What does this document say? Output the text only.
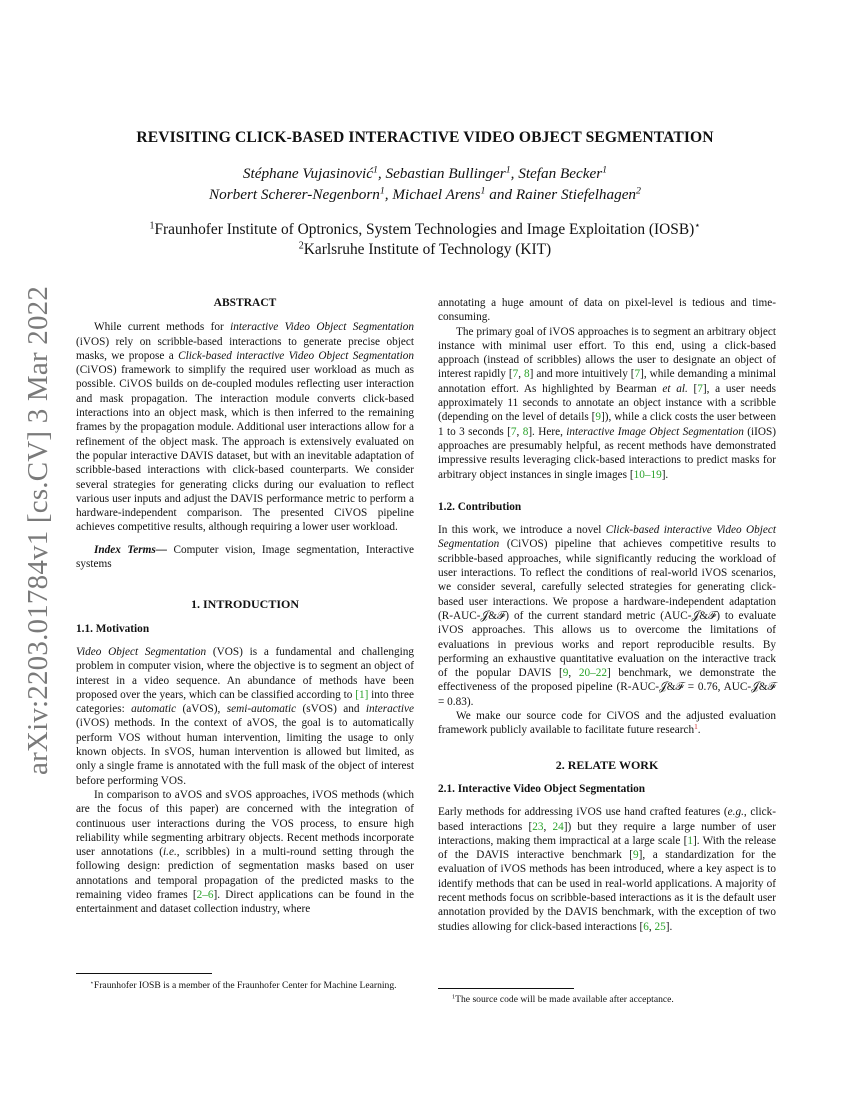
arXiv:2203.01784v1 [cs.CV] 3 Mar 2022
REVISITING CLICK-BASED INTERACTIVE VIDEO OBJECT SEGMENTATION
Stéphane Vujasinović$^1$, Sebastian Bullinger$^1$, Stefan Becker$^1$
Norbert Scherer-Negenborn$^1$, Michael Arens$^1$ and Rainer Stiefelhagen$^2$
$^1$Fraunhofer Institute of Optronics, System Technologies and Image Exploitation (IOSB)⋆
$^2$Karlsruhe Institute of Technology (KIT)
ABSTRACT

While current methods for interactive Video Object Segmentation (iVOS) rely on scribble-based interactions to generate precise object masks, we propose a Click-based interactive Video Object Segmentation (CiVOS) framework to simplify the required user workload as much as possible. CiVOS builds on de-coupled modules reflecting user interaction and mask propagation. The interaction module converts click-based interactions into an object mask, which is then inferred to the remaining frames by the propagation module. Additional user interactions allow for a refinement of the object mask. The approach is extensively evaluated on the popular interactive DAVIS dataset, but with an inevitable adaptation of scribble-based interactions with click-based counterparts. We consider several strategies for generating clicks during our evaluation to reflect various user inputs and adjust the DAVIS performance metric to perform a hardware-independent comparison. The presented CiVOS pipeline achieves competitive results, although requiring a lower user workload.

Index Terms— Computer vision, Image segmentation, Interactive systems

1. INTRODUCTION
1.1. Motivation

Video Object Segmentation (VOS) is a fundamental and challenging problem in computer vision, where the objective is to segment an object of interest in a video sequence. An abundance of methods have been proposed over the years, which can be classified according to [1] into three categories: automatic (aVOS), semi-automatic (sVOS) and interactive (iVOS) methods. In the context of aVOS, the goal is to automatically perform VOS without human intervention, limiting the usage to only known objects. In sVOS, human intervention is allowed but limited, as only a single frame is annotated with the full mask of the object of interest before performing VOS.

In comparison to aVOS and sVOS approaches, iVOS methods (which are the focus of this paper) are concerned with the integration of continuous user interactions during the VOS process, to ensure high reliability while segmenting arbitrary objects. Recent methods incorporate user annotations (i.e., scribbles) in a multi-round setting through the following design: prediction of segmentation masks based on user annotations and temporal propagation of the predicted masks to the remaining video frames [2–6]. Direct applications can be found in the entertainment and dataset collection industry, where

⋆Fraunhofer IOSB is a member of the Fraunhofer Center for Machine Learning.

annotating a huge amount of data on pixel-level is tedious and time-consuming.

The primary goal of iVOS approaches is to segment an arbitrary object instance with minimal user effort. To this end, using a click-based approach (instead of scribbles) allows the user to designate an object of interest rapidly [7, 8] and more intuitively [7], while demanding a minimal annotation effort. As highlighted by Bearman et al. [7], a user needs approximately 11 seconds to annotate an object instance with a scribble (depending on the level of details [9]), while a click costs the user between 1 to 3 seconds [7, 8]. Here, interactive Image Object Segmentation (iIOS) approaches are presumably helpful, as recent methods have demonstrated impressive results leveraging click-based interactions to predict masks for arbitrary object instances in single images [10–19].

1.2. Contribution

In this work, we introduce a novel Click-based interactive Video Object Segmentation (CiVOS) pipeline that achieves competitive results to scribble-based approaches, while significantly reducing the workload of user interactions. To reflect the conditions of real-world iVOS scenarios, we consider several, carefully selected strategies for generating click-based user interactions. We propose a hardware-independent adaptation (R-AUC-𝒥&ℱ) of the current standard metric (AUC-𝒥&ℱ) to evaluate iVOS approaches. This allows us to overcome the limitations of evaluations in previous works and report reproducible results. By performing an exhaustive quantitative evaluation on the interactive track of the popular DAVIS [9, 20–22] benchmark, we demonstrate the effectiveness of the proposed pipeline (R-AUC-𝒥&ℱ = 0.76, AUC-𝒥&ℱ = 0.83).

We make our source code for CiVOS and the adjusted evaluation framework publicly available to facilitate future research$^1$.

2. RELATE WORK
2.1. Interactive Video Object Segmentation

Early methods for addressing iVOS use hand crafted features (e.g., click-based interactions [23, 24]) but they require a large number of user interactions, making them impractical at a large scale [1]. With the release of the DAVIS interactive benchmark [9], a standardization for the evaluation of iVOS methods has been introduced, where a key aspect is to identify methods that can be used in real-world applications. A majority of recent methods focus on scribble-based interactions as it is the default user annotation provided by the DAVIS benchmark, with the exception of two studies allowing for click-based interactions [6, 25].

$^1$The source code will be made available after acceptance.
